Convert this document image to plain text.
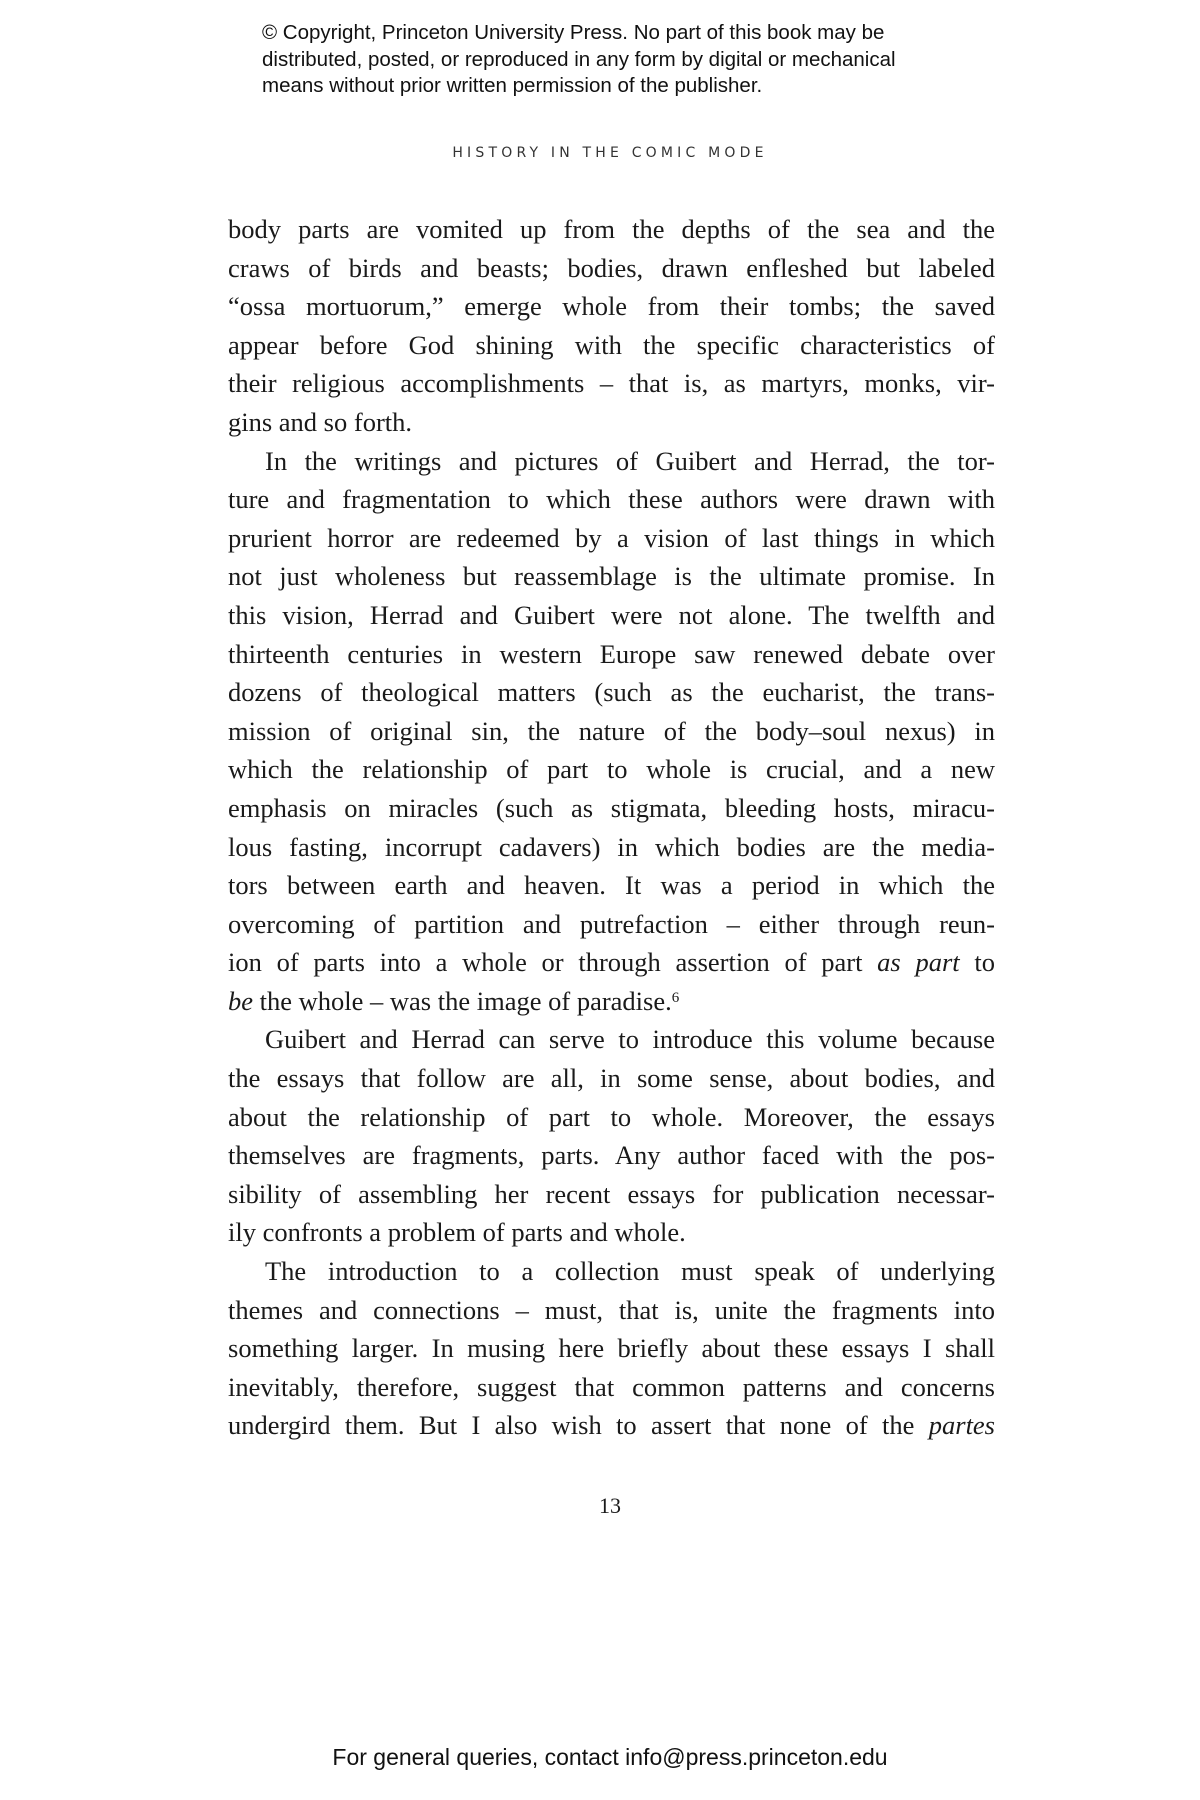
© Copyright, Princeton University Press. No part of this book may be
distributed, posted, or reproduced in any form by digital or mechanical
means without prior written permission of the publisher.
HISTORY IN THE COMIC MODE
body parts are vomited up from the depths of the sea and the
craws of birds and beasts; bodies, drawn enfleshed but labeled
“ossa mortuorum,” emerge whole from their tombs; the saved
appear before God shining with the specific characteristics of
their religious accomplishments – that is, as martyrs, monks, vir-
gins and so forth.
In the writings and pictures of Guibert and Herrad, the tor-
ture and fragmentation to which these authors were drawn with
prurient horror are redeemed by a vision of last things in which
not just wholeness but reassemblage is the ultimate promise. In
this vision, Herrad and Guibert were not alone. The twelfth and
thirteenth centuries in western Europe saw renewed debate over
dozens of theological matters (such as the eucharist, the trans-
mission of original sin, the nature of the body–soul nexus) in
which the relationship of part to whole is crucial, and a new
emphasis on miracles (such as stigmata, bleeding hosts, miracu-
lous fasting, incorrupt cadavers) in which bodies are the media-
tors between earth and heaven. It was a period in which the
overcoming of partition and putrefaction – either through reun-
ion of parts into a whole or through assertion of part as part to
be the whole – was the image of paradise.$^6$
Guibert and Herrad can serve to introduce this volume because
the essays that follow are all, in some sense, about bodies, and
about the relationship of part to whole. Moreover, the essays
themselves are fragments, parts. Any author faced with the pos-
sibility of assembling her recent essays for publication necessar-
ily confronts a problem of parts and whole.
The introduction to a collection must speak of underlying
themes and connections – must, that is, unite the fragments into
something larger. In musing here briefly about these essays I shall
inevitably, therefore, suggest that common patterns and concerns
undergird them. But I also wish to assert that none of the partes
13
For general queries, contact info@press.princeton.edu
